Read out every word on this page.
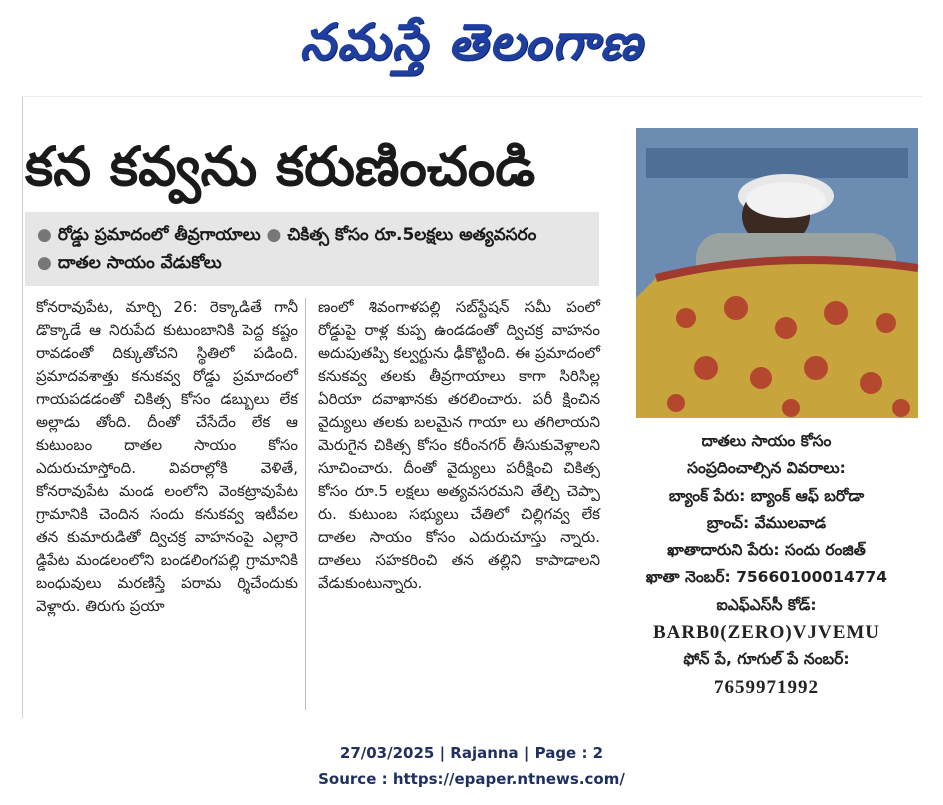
నమస్తే తెలంగాణ
కన కవ్వను కరుణించండి
● రోడ్డు ప్రమాదంలో తీవ్రగాయాలు ● చికిత్స కోసం రూ.5లక్షలు అత్యవసరం ● దాతల సాయం వేడుకోలు

కోనరావుపేట, మార్చి 26: రెక్కాడితే గానీ డొక్కాడే ఆ నిరుపేద కుటుంబానికి పెద్ద కష్టం రావడంతో దిక్కుతోచని స్థితిలో పడింది. ప్రమాదవశాత్తు కనుకవ్వ రోడ్డు ప్రమాదంలో గాయపడడంతో చికిత్స కోసం డబ్బులు లేక అల్లాడు తోంది. దీంతో చేసేదేం లేక ఆ కుటుంబం దాతల సాయం కోసం ఎదురుచూస్తోంది. వివరాల్లోకి వెళితే, కోనరావుపేట మండ లంలోని వెంకట్రావుపేట గ్రామానికి చెందిన సందు కనుకవ్వ ఇటీవల తన కుమారుడితో ద్విచక్ర వాహనంపై ఎల్లారె డ్డిపేట మండలంలోని బండలింగపల్లి గ్రామానికి బంధువులు మరణిస్తే పరామ ర్శిచేందుకు వెళ్లారు. తిరుగు ప్రయా

ణంలో శివంగాళపల్లి సబ్‌స్టేషన్ సమీ పంలో రోడ్డుపై రాళ్ల కుప్ప ఉండడంతో ద్విచక్ర వాహనం అదుపుతప్పి కల్వర్టును ఢీకొట్టింది. ఈ ప్రమాదంలో కనుకవ్వ తలకు తీవ్రగాయాలు కాగా సిరిసిల్ల ఏరియా దవాఖానకు తరలించారు. పరీ క్షించిన వైద్యులు తలకు బలమైన గాయా లు తగిలాయని మెరుగైన చికిత్స కోసం కరీంనగర్ తీసుకువెళ్లాలని సూచించారు. దీంతో వైద్యులు పరీక్షించి చికిత్స కోసం రూ.5 లక్షలు అత్యవసరమని తేల్చి చెప్పా రు. కుటుంబ సభ్యులు చేతిలో చిల్లిగవ్వ లేక దాతల సాయం కోసం ఎదురుచూస్తు న్నారు. దాతలు సహకరించి తన తల్లిని కాపాడాలని వేడుకుంటున్నారు.

దాతలు సాయం కోసం
సంప్రదించాల్సిన వివరాలు:
బ్యాంక్ పేరు: బ్యాంక్ ఆఫ్ బరోడా
బ్రాంచ్: వేములవాడ
ఖాతాదారుని పేరు: సందు రంజిత్
ఖాతా నెంబర్: 75660100014774
ఐఎఫ్ఎస్‌సీ కోడ్:
BARB0(ZERO)VJVEMU
ఫోన్ పే, గూగుల్ పే నంబర్:
7659971992
27/03/2025 | Rajanna | Page : 2
Source : https://epaper.ntnews.com/
